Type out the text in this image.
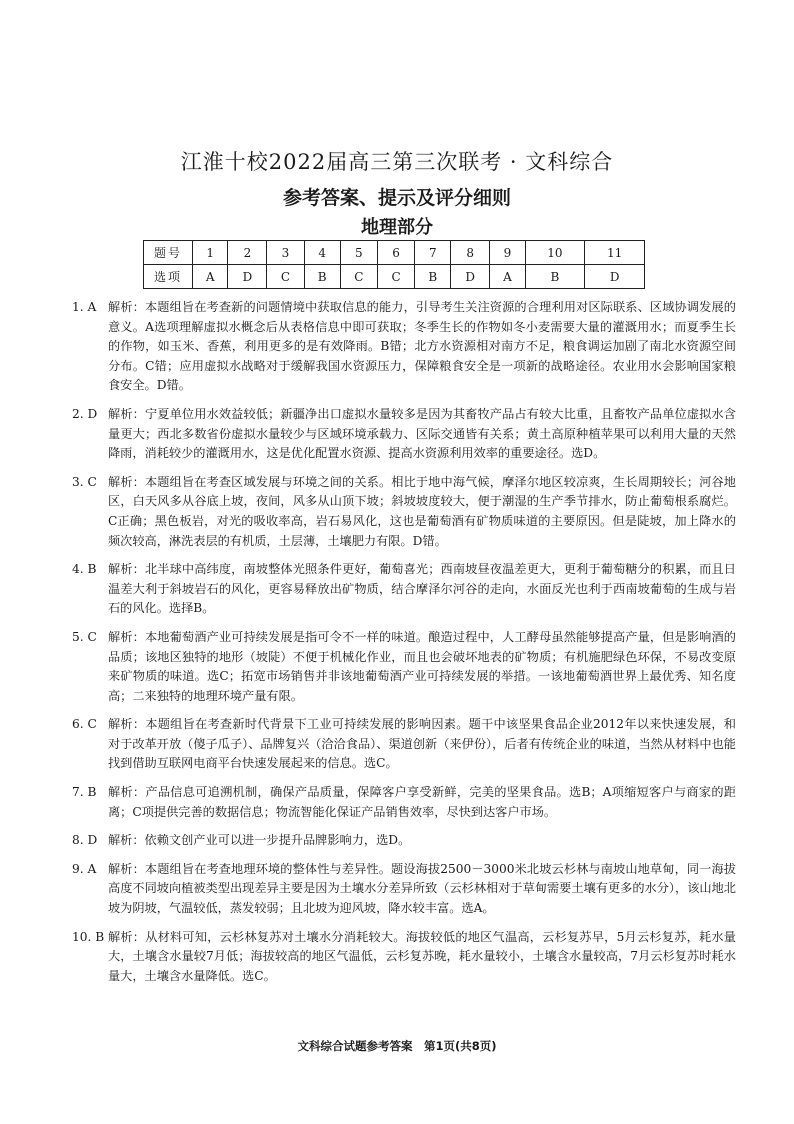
江淮十校2022届高三第三次联考 · 文科综合
参考答案、提示及评分细则
地理部分
题号	1	2	3	4	5	6	7	8	9	10	11
选项	A	D	C	B	C	C	B	D	A	B	D
1. A 解析：本题组旨在考查新的问题情境中获取信息的能力，引导考生关注资源的合理利用对区际联系、区域协调发展的意义。A选项理解虚拟水概念后从表格信息中即可获取；冬季生长的作物如冬小麦需要大量的灌溉用水；而夏季生长的作物，如玉米、香蕉，利用更多的是有效降雨。B错；北方水资源相对南方不足，粮食调运加剧了南北水资源空间分布。C错；应用虚拟水战略对于缓解我国水资源压力，保障粮食安全是一项新的战略途径。农业用水会影响国家粮食安全。D错。
2. D 解析：宁夏单位用水效益较低；新疆净出口虚拟水量较多是因为其畜牧产品占有较大比重，且畜牧产品单位虚拟水含量更大；西北多数省份虚拟水量较少与区域环境承载力、区际交通皆有关系；黄土高原种植苹果可以利用大量的天然降雨，消耗较少的灌溉用水，这是优化配置水资源、提高水资源利用效率的重要途径。选D。
3. C 解析：本题组旨在考查区域发展与环境之间的关系。相比于地中海气候，摩泽尔地区较凉爽，生长周期较长；河谷地区，白天风多从谷底上坡，夜间，风多从山顶下坡；斜坡坡度较大，便于潮湿的生产季节排水，防止葡萄根系腐烂。C正确；黑色板岩，对光的吸收率高，岩石易风化，这也是葡萄酒有矿物质味道的主要原因。但是陡坡，加上降水的频次较高，淋洗表层的有机质，土层薄，土壤肥力有限。D错。
4. B 解析：北半球中高纬度，南坡整体光照条件更好，葡萄喜光；西南坡昼夜温差更大，更利于葡萄糖分的积累，而且日温差大利于斜坡岩石的风化，更容易释放出矿物质，结合摩泽尔河谷的走向，水面反光也利于西南坡葡萄的生成与岩石的风化。选择B。
5. C 解析：本地葡萄酒产业可持续发展是指可令不一样的味道。酿造过程中，人工酵母虽然能够提高产量，但是影响酒的品质；该地区独特的地形（坡陡）不便于机械化作业，而且也会破坏地表的矿物质；有机施肥绿色环保，不易改变原来矿物质的味道。选C；拓宽市场销售并非该地葡萄酒产业可持续发展的举措。一该地葡萄酒世界上最优秀、知名度高；二来独特的地理环境产量有限。
6. C 解析：本题组旨在考查新时代背景下工业可持续发展的影响因素。题干中该坚果食品企业2012年以来快速发展，和对于改革开放（傻子瓜子）、品牌复兴（洽洽食品）、渠道创新（来伊份），后者有传统企业的味道，当然从材料中也能找到借助互联网电商平台快速发展起来的信息。选C。
7. B 解析：产品信息可追溯机制，确保产品质量，保障客户享受新鲜，完美的坚果食品。选B；A项缩短客户与商家的距离；C项提供完善的数据信息；物流智能化保证产品销售效率，尽快到达客户市场。
8. D 解析：依赖文创产业可以进一步提升品牌影响力，选D。
9. A 解析：本题组旨在考查地理环境的整体性与差异性。题设海拔2500－3000米北坡云杉林与南坡山地草甸，同一海拔高度不同坡向植被类型出现差异主要是因为土壤水分差异所致（云杉林相对于草甸需要土壤有更多的水分），该山地北坡为阴坡，气温较低，蒸发较弱；且北坡为迎风坡，降水较丰富。选A。
10. B 解析：从材料可知，云杉林复苏对土壤水分消耗较大。海拔较低的地区气温高，云杉复苏早，5月云杉复苏，耗水量大，土壤含水量较7月低；海拔较高的地区气温低，云杉复苏晚，耗水量较小，土壤含水量较高，7月云杉复苏时耗水量大，土壤含水量降低。选C。
文科综合试题参考答案　第1页(共8页)
